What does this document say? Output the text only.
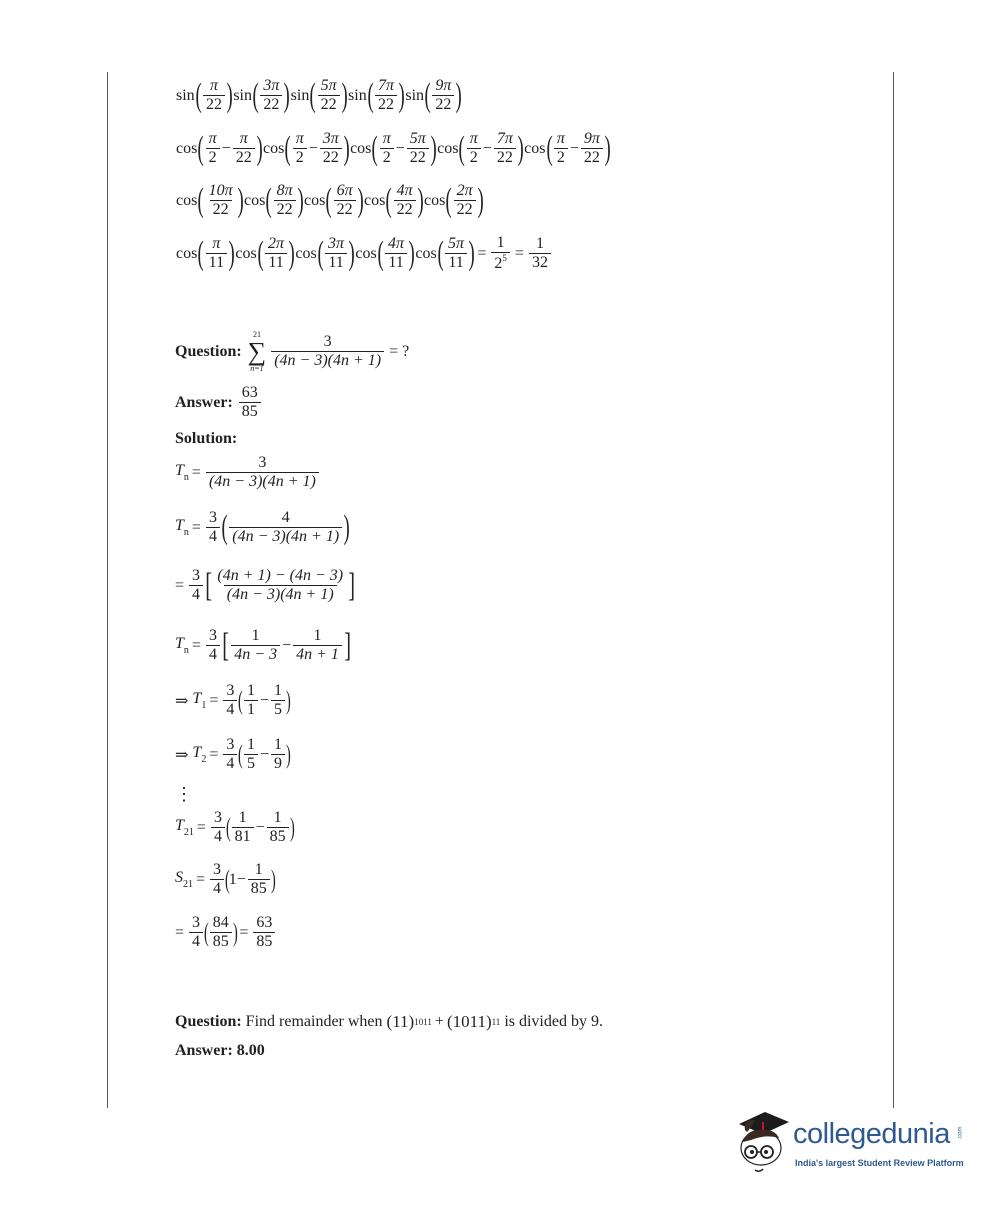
sin ( $\frac{\pi}{22}$ ) sin ( $\frac{3\pi}{22}$ ) sin ( $\frac{5\pi}{22}$ ) sin ( $\frac{7\pi}{22}$ ) sin ( $\frac{9\pi}{22}$ )
cos ( $\frac{\pi}{2} - \frac{\pi}{22}$ ) cos ( $\frac{\pi}{2} - \frac{3\pi}{22}$ ) cos ( $\frac{\pi}{2} - \frac{5\pi}{22}$ ) cos ( $\frac{\pi}{2} - \frac{7\pi}{22}$ ) cos ( $\frac{\pi}{2} - \frac{9\pi}{22}$ )
cos ( $\frac{10\pi}{22}$ ) cos ( $\frac{8\pi}{22}$ ) cos ( $\frac{6\pi}{22}$ ) cos ( $\frac{4\pi}{22}$ ) cos ( $\frac{2\pi}{22}$ )
cos ( $\frac{\pi}{11}$ ) cos ( $\frac{2\pi}{11}$ ) cos ( $\frac{3\pi}{11}$ ) cos ( $\frac{4\pi}{11}$ ) cos ( $\frac{5\pi}{11}$ ) = $\frac{1}{2^5} = \frac{1}{32}$
Question:
21
∑
$n=1 \frac{3}{(4n - 3)(4n + 1)}$ = ?
Answer: $\frac{63}{85}$
Solution:
$T_n = \frac{3}{(4n - 3)(4n + 1)}$
$T_n = \frac{3}{4}$ ( $\frac{4}{(4n - 3)(4n + 1)}$ )
= $\frac{3}{4}$ [ $\frac{(4n + 1) - (4n - 3)}{(4n - 3)(4n + 1)}$ ]
$T_n = \frac{3}{4}$ [ $\frac{1}{4n - 3} - \frac{1}{4n + 1}$ ]
⇒
$T_1 = \frac{3}{4}$ ( $\frac{1}{1} - \frac{1}{5}$ )
⇒
$T_2 = \frac{3}{4}$ ( $\frac{1}{5} - \frac{1}{9}$ )
⋮
$T_{21} = \frac{3}{4}$ ( $\frac{1}{81} - \frac{1}{85}$ )
$S_{21} = \frac{3}{4}$ (
$1 - \frac{1}{85}$ )
= $\frac{3}{4}$ ( $\frac{84}{85}$ ) = $\frac{63}{85}$
Question:
Find remainder when
(11) 1011 + (1011) 11
is divided by 9.
Answer: 8.00
collegedunia .com
India's largest Student Review Platform
